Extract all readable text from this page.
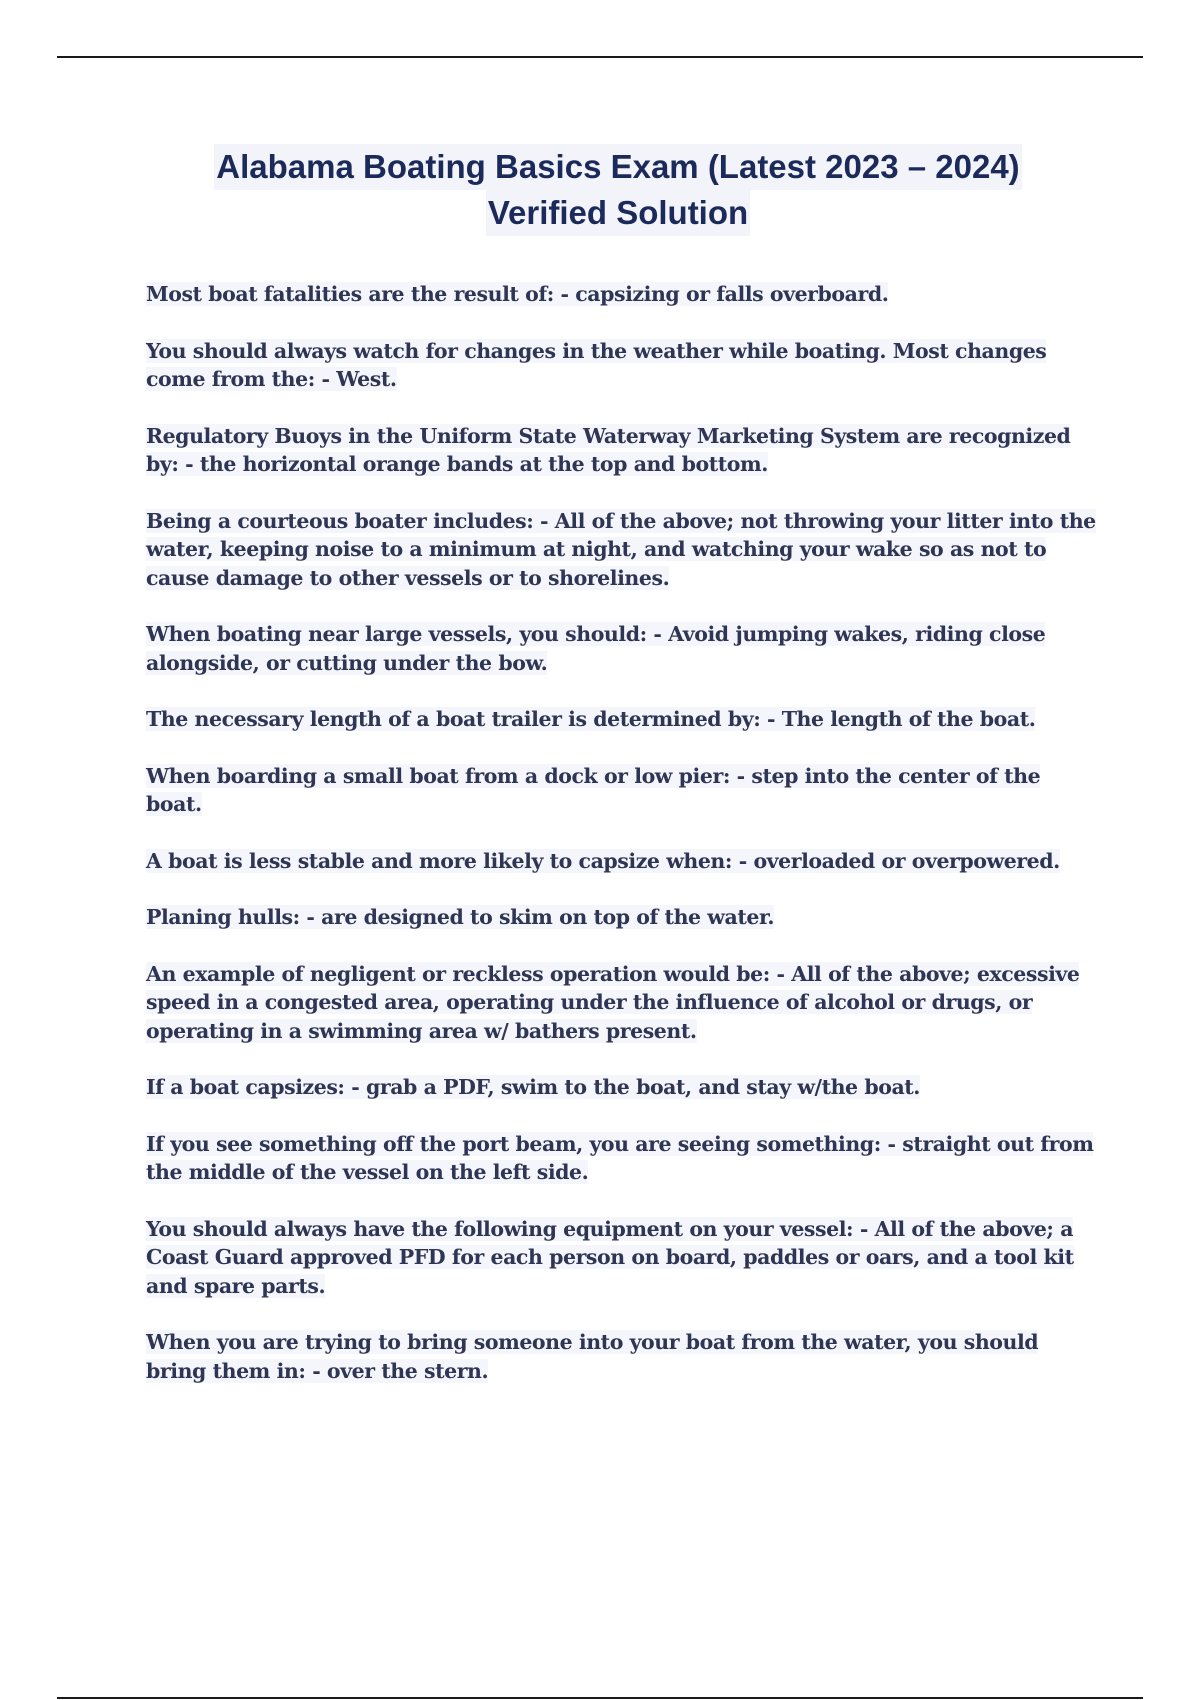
Alabama Boating Basics Exam (Latest 2023 – 2024)
Verified Solution

Most boat fatalities are the result of: - capsizing or falls overboard.

You should always watch for changes in the weather while boating. Most changes come from the: - West.

Regulatory Buoys in the Uniform State Waterway Marketing System are recognized by: - the horizontal orange bands at the top and bottom.

Being a courteous boater includes: - All of the above; not throwing your litter into the water, keeping noise to a minimum at night, and watching your wake so as not to cause damage to other vessels or to shorelines.

When boating near large vessels, you should: - Avoid jumping wakes, riding close alongside, or cutting under the bow.

The necessary length of a boat trailer is determined by: - The length of the boat.

When boarding a small boat from a dock or low pier: - step into the center of the boat.

A boat is less stable and more likely to capsize when: - overloaded or overpowered.

Planing hulls: - are designed to skim on top of the water.

An example of negligent or reckless operation would be: - All of the above; excessive speed in a congested area, operating under the influence of alcohol or drugs, or operating in a swimming area w/ bathers present.

If a boat capsizes: - grab a PDF, swim to the boat, and stay w/the boat.

If you see something off the port beam, you are seeing something: - straight out from the middle of the vessel on the left side.

You should always have the following equipment on your vessel: - All of the above; a Coast Guard approved PFD for each person on board, paddles or oars, and a tool kit and spare parts.

When you are trying to bring someone into your boat from the water, you should bring them in: - over the stern.
